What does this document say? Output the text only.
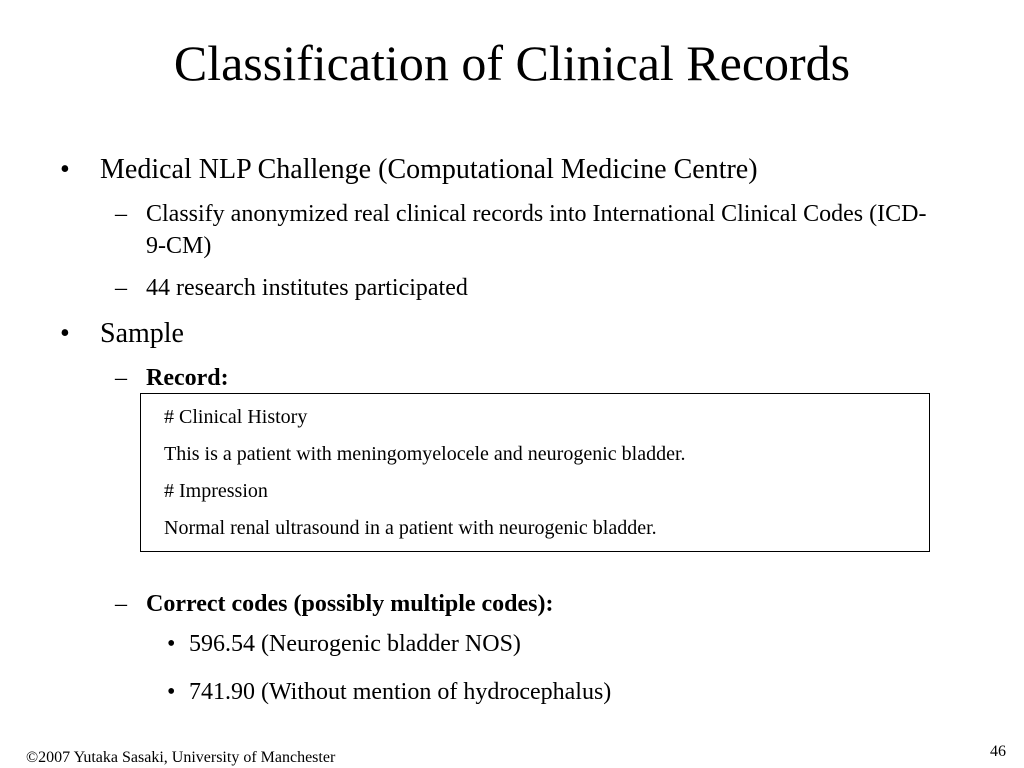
Classification of Clinical Records
• Medical NLP Challenge (Computational Medicine Centre)
– Classify anonymized real clinical records into International Clinical Codes (ICD-9-CM)
– 44 research institutes participated
• Sample
– Record:
# Clinical History
This is a patient with meningomyelocele and neurogenic bladder.
# Impression
Normal renal ultrasound in a patient with neurogenic bladder.
– Correct codes (possibly multiple codes):
• 596.54 (Neurogenic bladder NOS)
• 741.90 (Without mention of hydrocephalus)
©2007 Yutaka Sasaki, University of Manchester	46
